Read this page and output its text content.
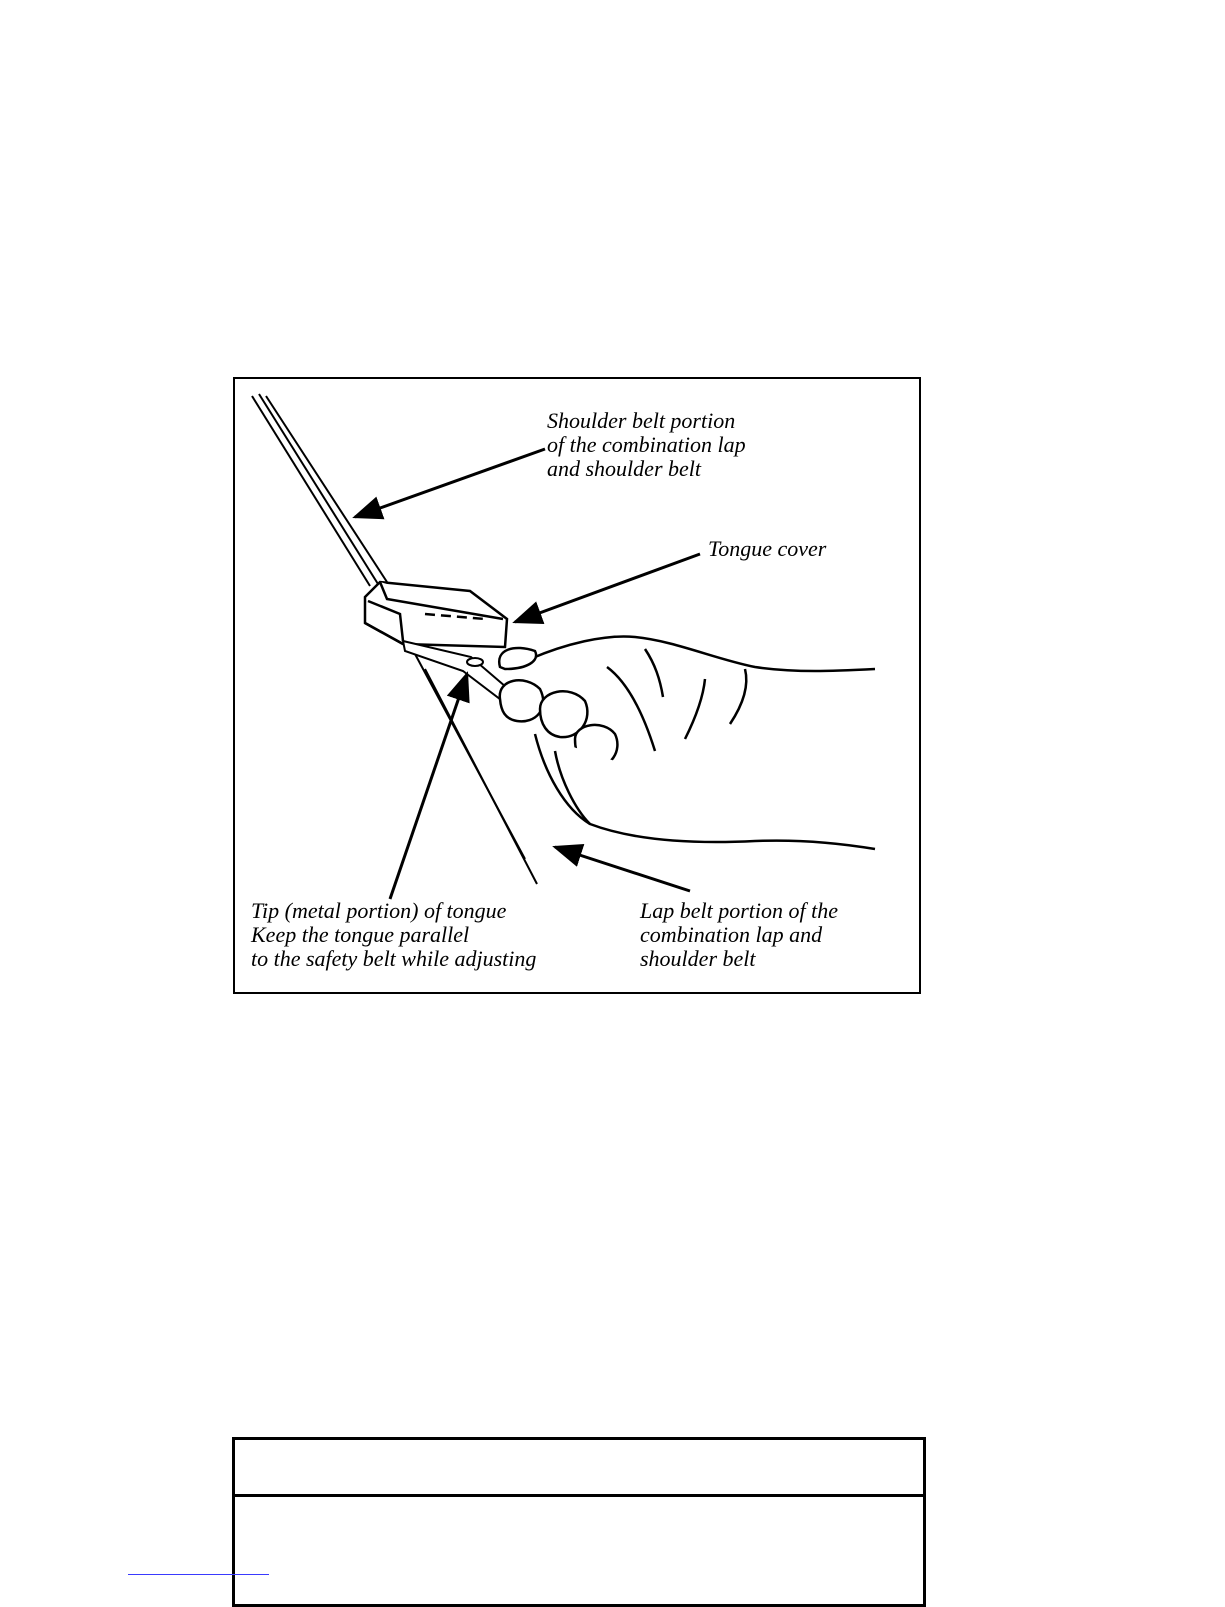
Shoulder belt portion
of the combination lap
and shoulder belt
Tongue cover
Tip (metal portion) of tongue
Keep the tongue parallel
to the safety belt while adjusting
Lap belt portion of the
combination lap and
shoulder belt
